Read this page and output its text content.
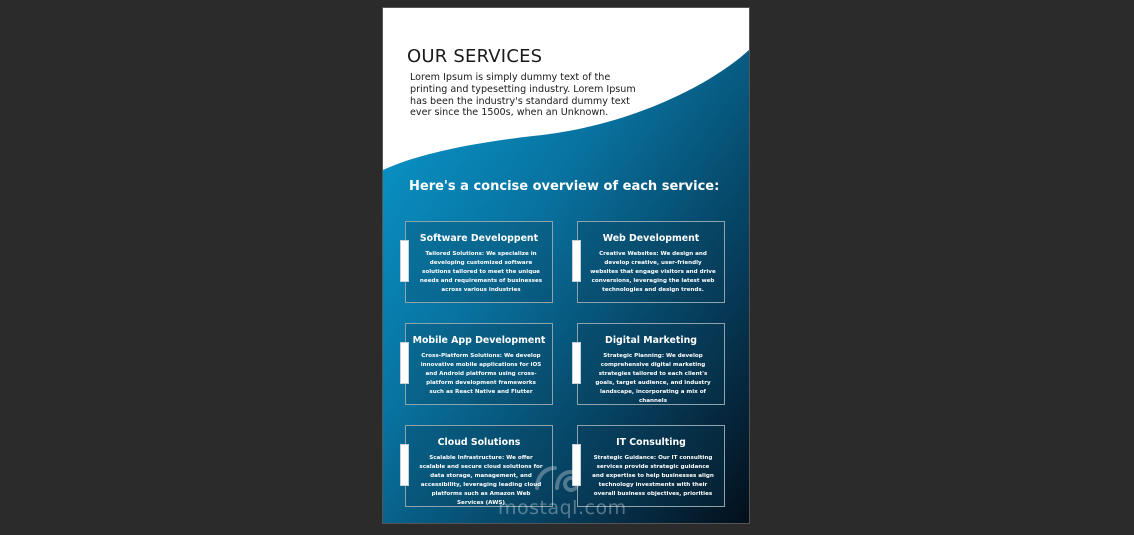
OUR SERVICES

Lorem Ipsum is simply dummy text of the printing and typesetting industry. Lorem Ipsum has been the industry's standard dummy text ever since the 1500s, when an Unknown.

Here's a concise overview of each service:

Software Developpent

Tailored Solutions: We specialize in developing customized software solutions tailored to meet the unique needs and requirements of businesses across various industries

Web Development

Creative Websites: We design and develop creative, user-friendly websites that engage visitors and drive conversions, leveraging the latest web technologies and design trends.

Mobile App Development

Cross-Platform Solutions: We develop innovative mobile applications for iOS and Android platforms using cross-platform development frameworks such as React Native and Flutter

Digital Marketing

Strategic Planning: We develop comprehensive digital marketing strategies tailored to each client's goals, target audience, and industry landscape, incorporating a mix of channels

Cloud Solutions

Scalable Infrastructure: We offer scalable and secure cloud solutions for data storage, management, and accessibility, leveraging leading cloud platforms such as Amazon Web Services (AWS)

IT Consulting

Strategic Guidance: Our IT consulting services provide strategic guidance and expertise to help businesses align technology investments with their overall business objectives, priorities

mostaql.com
